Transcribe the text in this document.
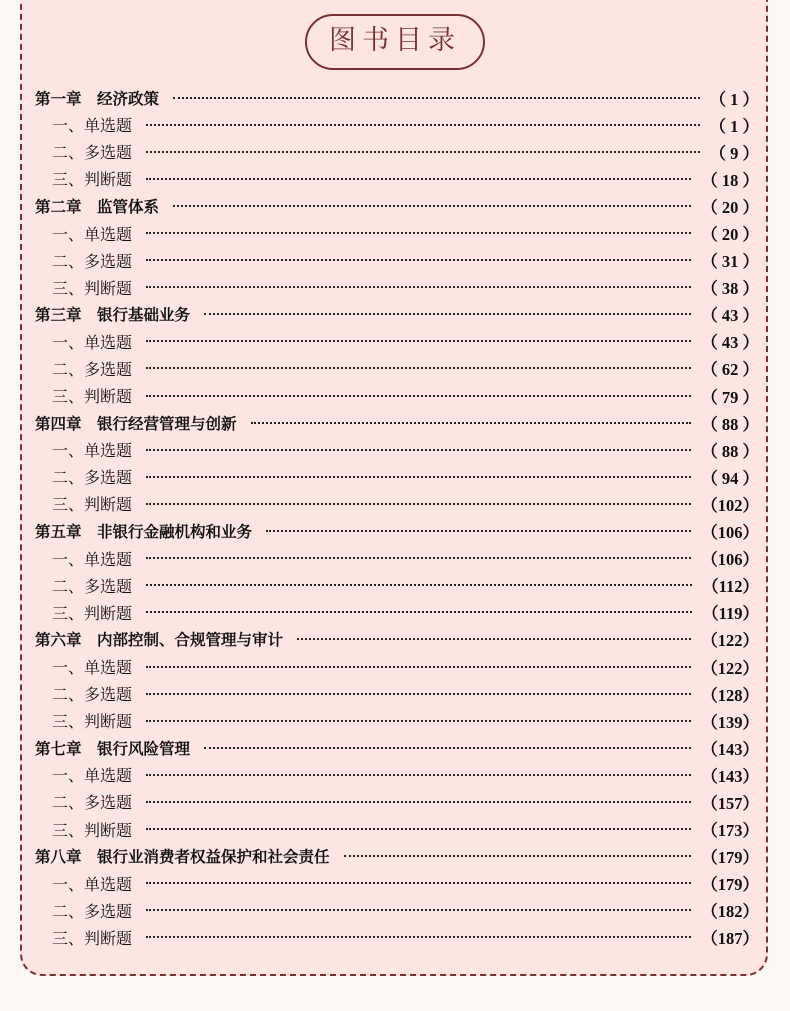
图书目录
第一章　经济政策	（ 1 ）
一、单选题	（ 1 ）
二、多选题	（ 9 ）
三、判断题	（ 18 ）
第二章　监管体系	（ 20 ）
一、单选题	（ 20 ）
二、多选题	（ 31 ）
三、判断题	（ 38 ）
第三章　银行基础业务	（ 43 ）
一、单选题	（ 43 ）
二、多选题	（ 62 ）
三、判断题	（ 79 ）
第四章　银行经营管理与创新	（ 88 ）
一、单选题	（ 88 ）
二、多选题	（ 94 ）
三、判断题	（102）
第五章　非银行金融机构和业务	（106）
一、单选题	（106）
二、多选题	（112）
三、判断题	（119）
第六章　内部控制、合规管理与审计	（122）
一、单选题	（122）
二、多选题	（128）
三、判断题	（139）
第七章　银行风险管理	（143）
一、单选题	（143）
二、多选题	（157）
三、判断题	（173）
第八章　银行业消费者权益保护和社会责任	（179）
一、单选题	（179）
二、多选题	（182）
三、判断题	（187）
